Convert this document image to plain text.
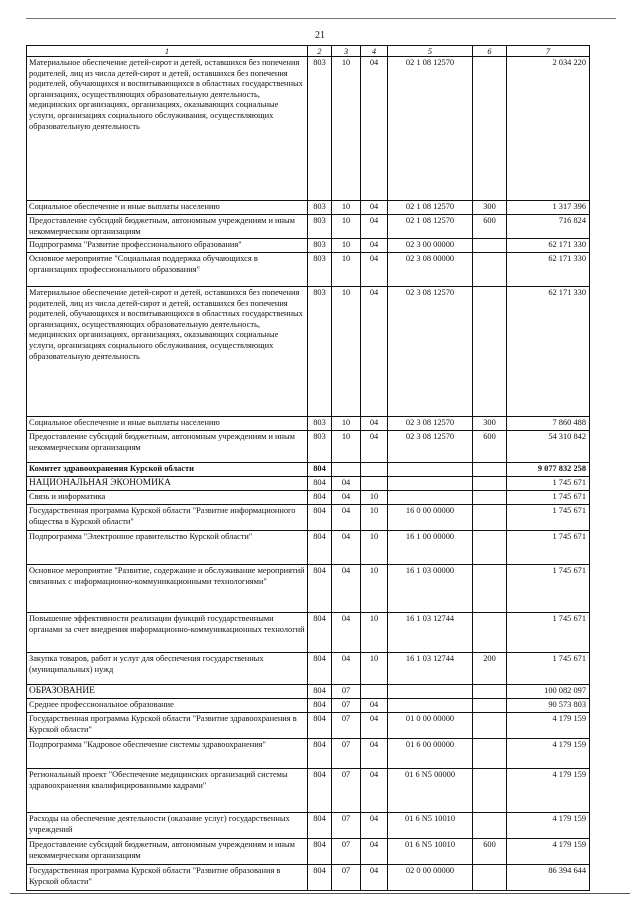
21
1	2	3	4	5	6	7
Материальное обеспечение детей-сирот и детей, оставшихся без попечения родителей, лиц из числа детей-сирот и детей, оставшихся без попечения родителей, обучающихся и воспитывающихся в областных государственных организациях, осуществляющих образовательную деятельность, медицинских организациях, организациях, оказывающих социальные услуги, организациях социального обслуживания, осуществляющих образовательную деятельность	803	10	04	02 1 08 12570		2 034 220
Социальное обеспечение и иные выплаты населению	803	10	04	02 1 08 12570	300	1 317 396
Предоставление субсидий бюджетным, автономным учреждениям и иным некоммерческим организациям	803	10	04	02 1 08 12570	600	716 824
Подпрограмма "Развитие профессионального образования"	803	10	04	02 3 00 00000		62 171 330
Основное мероприятие "Социальная поддержка обучающихся в организациях профессионального образования"	803	10	04	02 3 08 00000		62 171 330
Материальное обеспечение детей-сирот и детей, оставшихся без попечения родителей, лиц из числа детей-сирот и детей, оставшихся без попечения родителей, обучающихся и воспитывающихся в областных государственных организациях, осуществляющих образовательную деятельность, медицинских организациях, организациях, оказывающих социальные услуги, организациях социального обслуживания, осуществляющих образовательную деятельность	803	10	04	02 3 08 12570		62 171 330
Социальное обеспечение и иные выплаты населению	803	10	04	02 3 08 12570	300	7 860 488
Предоставление субсидий бюджетным, автономным учреждениям и иным некоммерческим организациям	803	10	04	02 3 08 12570	600	54 310 842
Комитет здравоохранения Курской области	804					9 077 832 258
НАЦИОНАЛЬНАЯ ЭКОНОМИКА	804	04				1 745 671
Связь и информатика	804	04	10			1 745 671
Государственная программа Курской области "Развитие информационного общества в Курской области"	804	04	10	16 0 00 00000		1 745 671
Подпрограмма "Электронное правительство Курской области"	804	04	10	16 1 00 00000		1 745 671
Основное мероприятие "Развитие, содержание и обслуживание мероприятий связанных с информационно-коммуникационными технологиями"	804	04	10	16 1 03 00000		1 745 671
Повышение эффективности реализации функций государственными органами за счет внедрения информационно-коммуникационных технологий	804	04	10	16 1 03 12744		1 745 671
Закупка товаров, работ и услуг для обеспечения государственных (муниципальных) нужд	804	04	10	16 1 03 12744	200	1 745 671
ОБРАЗОВАНИЕ	804	07				100 082 097
Среднее профессиональное образование	804	07	04			90 573 803
Государственная программа Курской области "Развитие здравоохранения в Курской области"	804	07	04	01 0 00 00000		4 179 159
Подпрограмма "Кадровое обеспечение системы здравоохранения"	804	07	04	01 6 00 00000		4 179 159
Региональный проект "Обеспечение медицинских организаций системы здравоохранения квалифицированными кадрами"	804	07	04	01 6 N5 00000		4 179 159
Расходы на обеспечение деятельности (оказание услуг) государственных учреждений	804	07	04	01 6 N5 10010		4 179 159
Предоставление субсидий бюджетным, автономным учреждениям и иным некоммерческим организациям	804	07	04	01 6 N5 10010	600	4 179 159
Государственная программа Курской области "Развитие образования в Курской области"	804	07	04	02 0 00 00000		86 394 644
